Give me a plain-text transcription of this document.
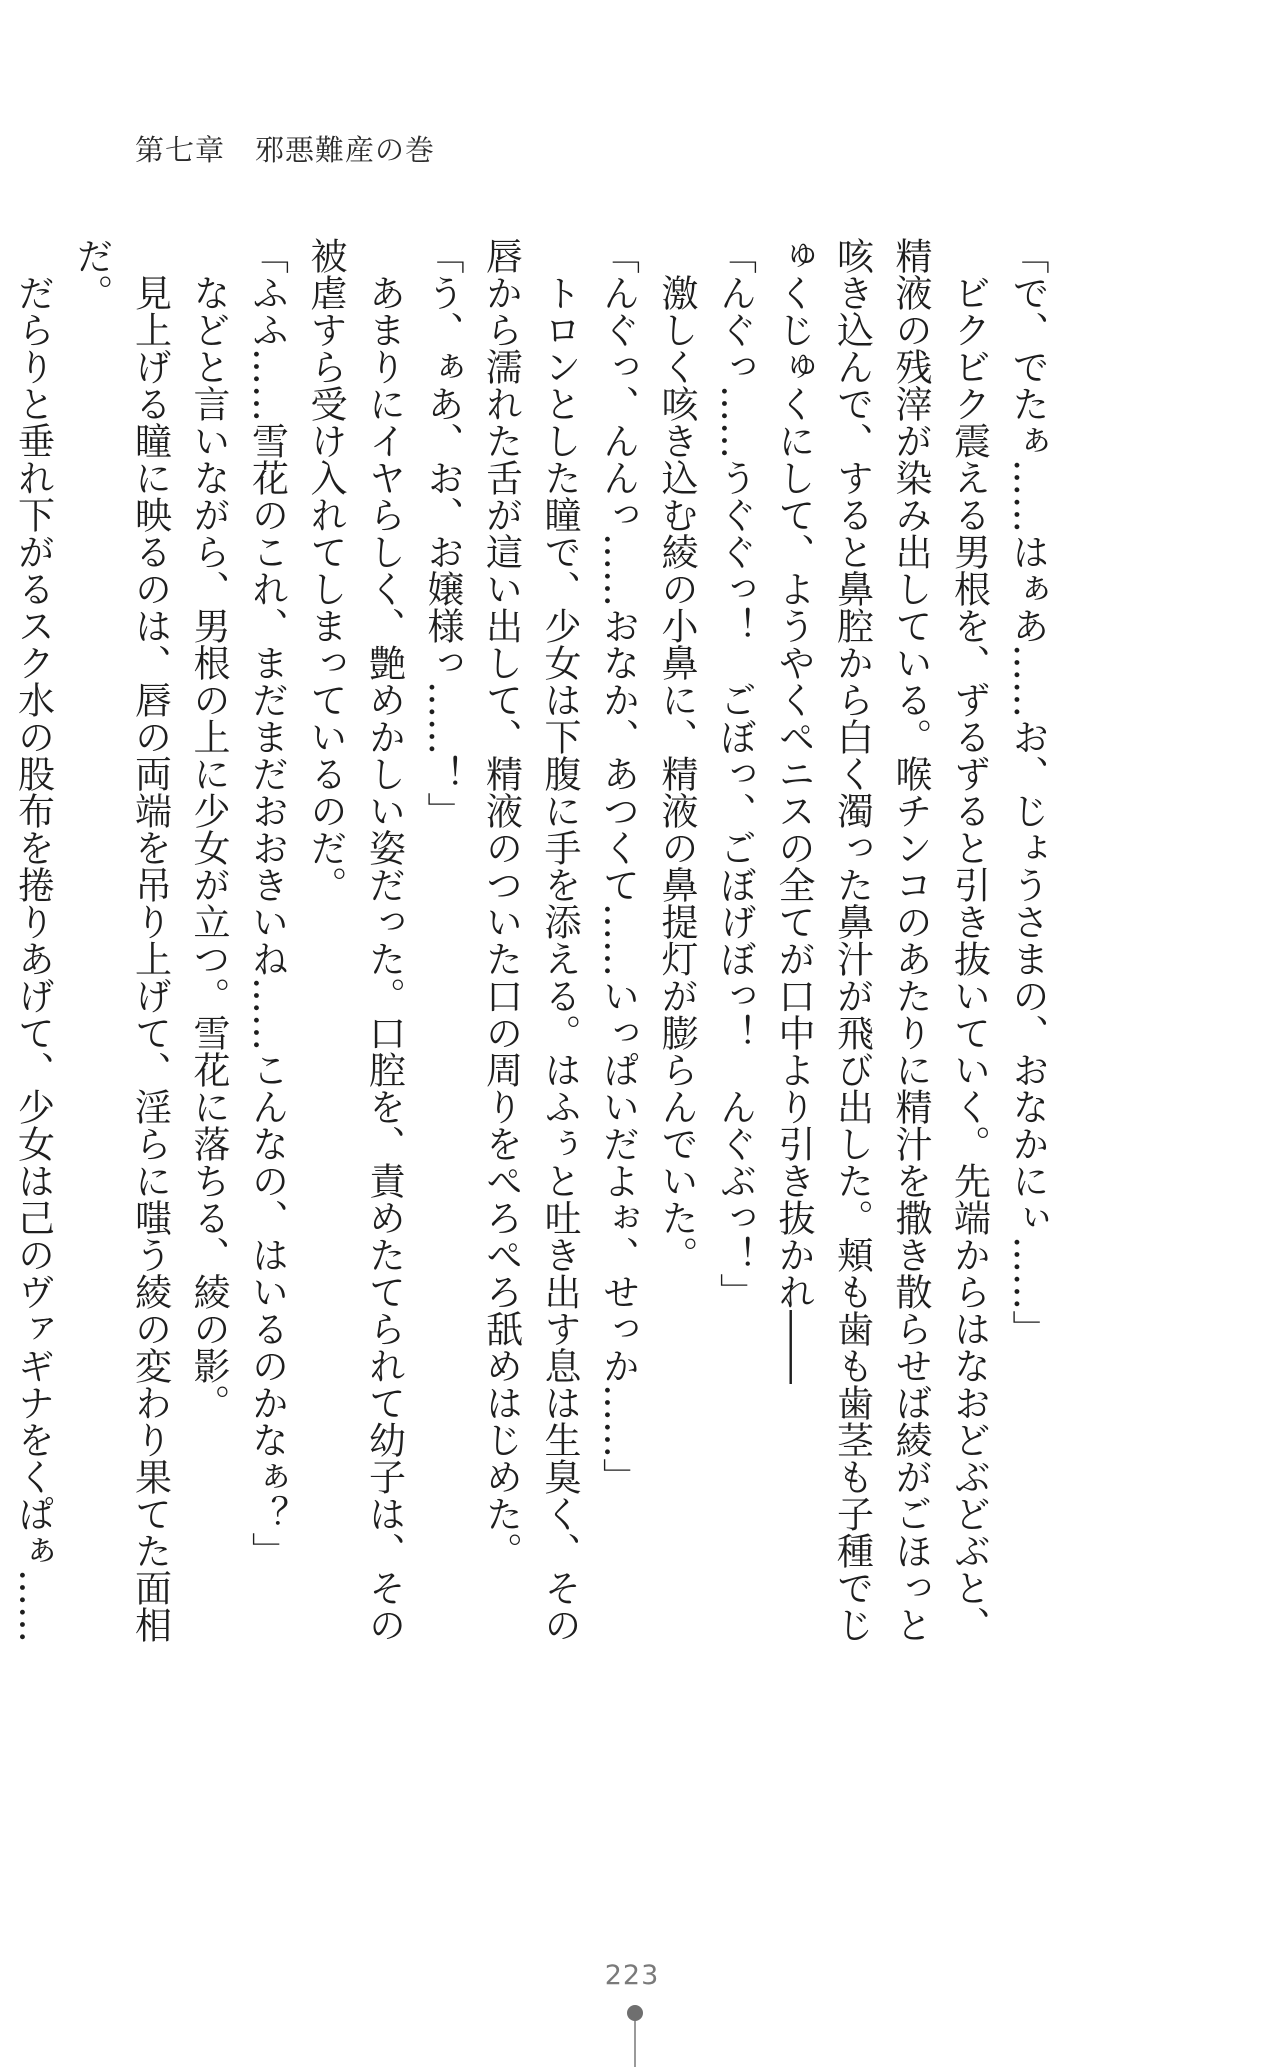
第七章　邪悪難産の巻

「で、でたぁ……はぁあ……お、じょうさまの、おなかにぃ……」

　ビクビク震える男根を、ずるずると引き抜いていく。先端からはなおどぶどぶと、精液の残滓が染み出している。喉チンコのあたりに精汁を撒き散らせば綾がごほっと咳き込んで、すると鼻腔から白く濁った鼻汁が飛び出した。頬も歯も歯茎も子種でじゅくじゅくにして、ようやくペニスの全てが口中より引き抜かれ――

「んぐっ……うぐぐっ！　ごぼっ、ごぼげぼっ！　んぐぶっ！」

　激しく咳き込む綾の小鼻に、精液の鼻提灯が膨らんでいた。

「んぐっ、んんっ……おなか、あつくて……いっぱいだよぉ、せっか……」

　トロンとした瞳で、少女は下腹に手を添える。はふぅと吐き出す息は生臭く、その唇から濡れた舌が這い出して、精液のついた口の周りをぺろぺろ舐めはじめた。

「う、ぁあ、お、お嬢様っ……！」

　あまりにイヤらしく、艶めかしい姿だった。口腔を、責めたてられて幼子は、その被虐すら受け入れてしまっているのだ。

「ふふ……雪花のこれ、まだまだおおきいね……こんなの、はいるのかなぁ？」

　などと言いながら、男根の上に少女が立つ。雪花に落ちる、綾の影。

　見上げる瞳に映るのは、唇の両端を吊り上げて、淫らに嗤う綾の変わり果てた面相だ。

　だらりと垂れ下がるスク水の股布を捲りあげて、少女は己のヴァギナをくぱぁ……

223
